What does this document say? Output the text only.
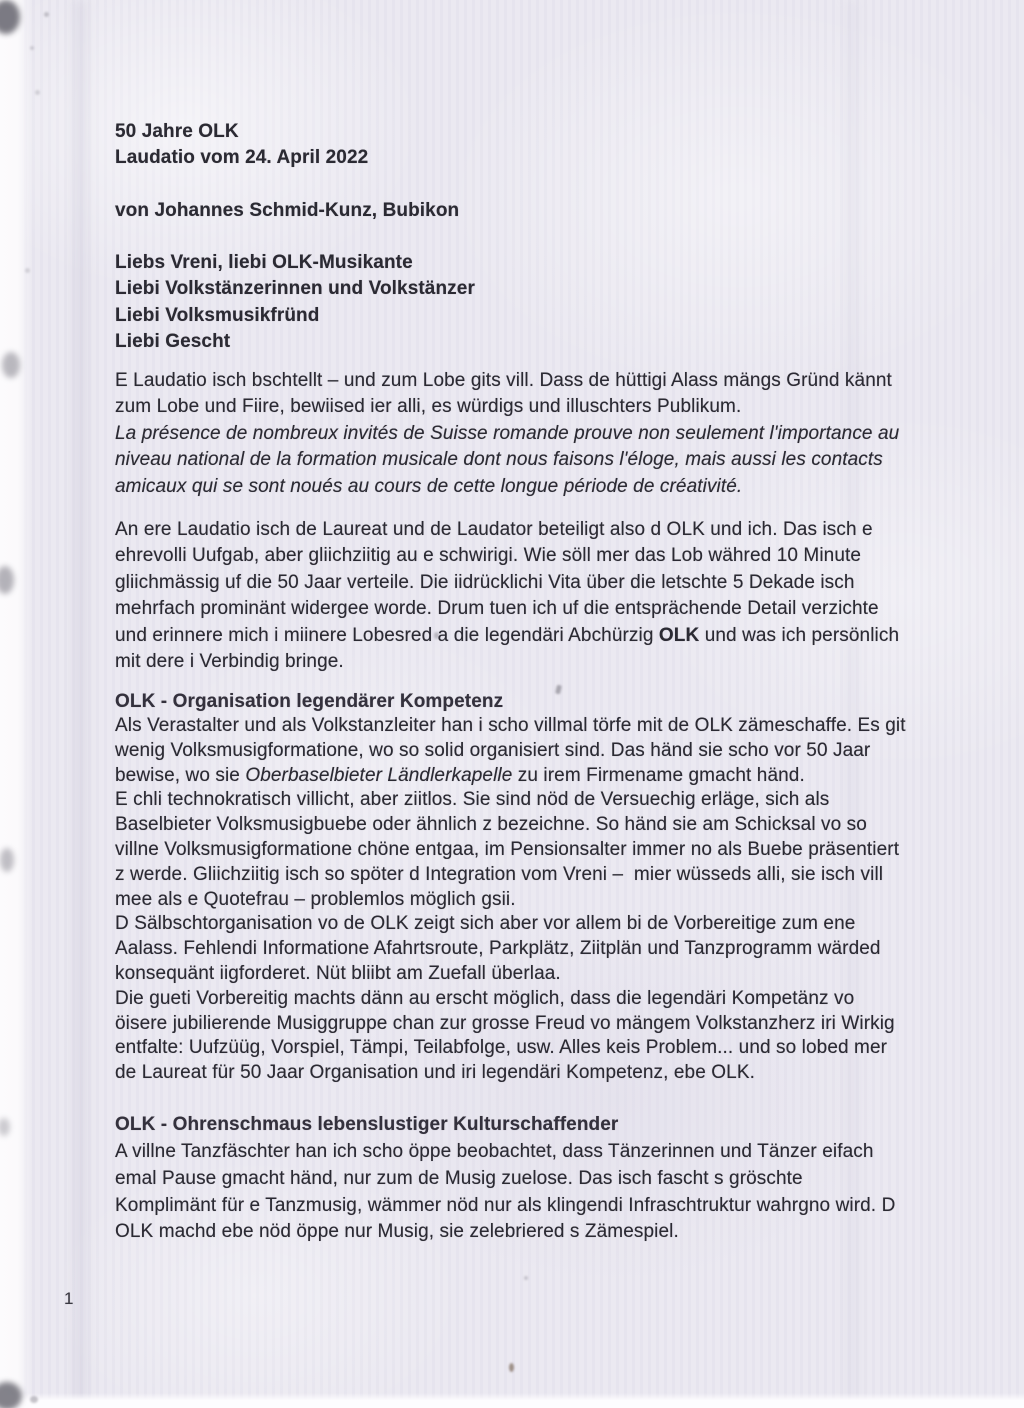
50 Jahre OLK
Laudatio vom 24. April 2022
von Johannes Schmid-Kunz, Bubikon
Liebs Vreni, liebi OLK-Musikante
Liebi Volkstänzerinnen und Volkstänzer
Liebi Volksmusikfründ
Liebi Gescht
E Laudatio isch bschtellt – und zum Lobe gits vill. Dass de hüttigi Alass mängs Gründ kännt
zum Lobe und Fiire, bewiised ier alli, es würdigs und illuschters Publikum.
La présence de nombreux invités de Suisse romande prouve non seulement l'importance au
niveau national de la formation musicale dont nous faisons l'éloge, mais aussi les contacts
amicaux qui se sont noués au cours de cette longue période de créativité.
An ere Laudatio isch de Laureat und de Laudator beteiligt also d OLK und ich. Das isch e
ehrevolli Uufgab, aber gliichziitig au e schwirigi. Wie söll mer das Lob währed 10 Minute
gliichmässig uf die 50 Jaar verteile. Die iidrücklichi Vita über die letschte 5 Dekade isch
mehrfach prominänt widergee worde. Drum tuen ich uf die entsprächende Detail verzichte
und erinnere mich i miinere Lobesred a die legendäri Abchürzig OLK und was ich persönlich
mit dere i Verbindig bringe.
OLK - Organisation legendärer Kompetenz
Als Verastalter und als Volkstanzleiter han i scho villmal törfe mit de OLK zämeschaffe. Es git
wenig Volksmusigformatione, wo so solid organisiert sind. Das händ sie scho vor 50 Jaar
bewise, wo sie Oberbaselbieter Ländlerkapelle zu irem Firmename gmacht händ.
E chli technokratisch villicht, aber ziitlos. Sie sind nöd de Versuechig erläge, sich als
Baselbieter Volksmusigbuebe oder ähnlich z bezeichne. So händ sie am Schicksal vo so
villne Volksmusigformatione chöne entgaa, im Pensionsalter immer no als Buebe präsentiert
z werde. Gliichziitig isch so spöter d Integration vom Vreni –  mier wüsseds alli, sie isch vill
mee als e Quotefrau – problemlos möglich gsii.
D Sälbschtorganisation vo de OLK zeigt sich aber vor allem bi de Vorbereitige zum ene
Aalass. Fehlendi Informatione Afahrtsroute, Parkplätz, Ziitplän und Tanzprogramm wärded
konsequänt iigforderet. Nüt bliibt am Zuefall überlaa.
Die gueti Vorbereitig machts dänn au erscht möglich, dass die legendäri Kompetänz vo
öisere jubilierende Musiggruppe chan zur grosse Freud vo mängem Volkstanzherz iri Wirkig
entfalte: Uufzüüg, Vorspiel, Tämpi, Teilabfolge, usw. Alles keis Problem... und so lobed mer
de Laureat für 50 Jaar Organisation und iri legendäri Kompetenz, ebe OLK.
OLK - Ohrenschmaus lebenslustiger Kulturschaffender
A villne Tanzfäschter han ich scho öppe beobachtet, dass Tänzerinnen und Tänzer eifach
emal Pause gmacht händ, nur zum de Musig zuelose. Das isch fascht s gröschte
Komplimänt für e Tanzmusig, wämmer nöd nur als klingendi Infraschtruktur wahrgno wird. D
OLK machd ebe nöd öppe nur Musig, sie zelebriered s Zämespiel.
1
